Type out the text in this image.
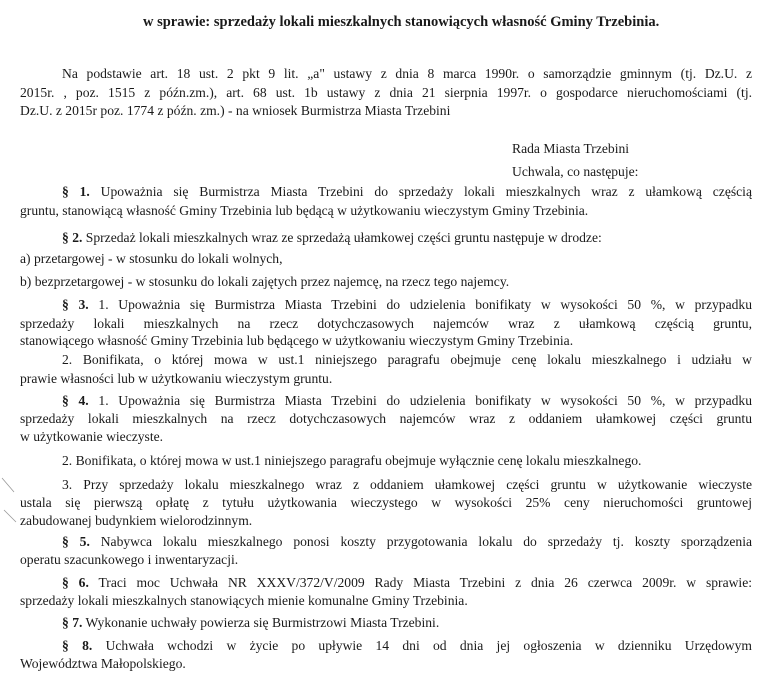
w sprawie: sprzedaży lokali mieszkalnych stanowiących własność Gminy Trzebinia.
Na podstawie art. 18 ust. 2 pkt 9 lit. „a" ustawy z dnia 8 marca 1990r. o samorządzie gminnym (tj. Dz.U. z
2015r. , poz. 1515 z późn.zm.), art. 68 ust. 1b ustawy z dnia 21 sierpnia 1997r. o gospodarce nieruchomościami (tj.
Dz.U. z 2015r poz. 1774 z późn. zm.) - na wniosek Burmistrza Miasta Trzebini
Rada Miasta Trzebini
Uchwala, co następuje:
§ 1. Upoważnia się Burmistrza Miasta Trzebini do sprzedaży lokali mieszkalnych wraz z ułamkową częścią
gruntu, stanowiącą własność Gminy Trzebinia lub będącą w użytkowaniu wieczystym Gminy Trzebinia.
§ 2. Sprzedaż lokali mieszkalnych wraz ze sprzedażą ułamkowej części gruntu następuje w drodze:
a) przetargowej - w stosunku do lokali wolnych,
b) bezprzetargowej - w stosunku do lokali zajętych przez najemcę, na rzecz tego najemcy.
§ 3. 1. Upoważnia się Burmistrza Miasta Trzebini do udzielenia bonifikaty w wysokości 50 %, w przypadku
sprzedaży lokali mieszkalnych na rzecz dotychczasowych najemców wraz z ułamkową częścią gruntu,
stanowiącego własność Gminy Trzebinia lub będącego w użytkowaniu wieczystym Gminy Trzebinia.
2. Bonifikata, o której mowa w ust.1 niniejszego paragrafu obejmuje cenę lokalu mieszkalnego i udziału w
prawie własności lub w użytkowaniu wieczystym gruntu.
§ 4. 1. Upoważnia się Burmistrza Miasta Trzebini do udzielenia bonifikaty w wysokości 50 %, w przypadku
sprzedaży lokali mieszkalnych na rzecz dotychczasowych najemców wraz z oddaniem ułamkowej części gruntu
w użytkowanie wieczyste.
2. Bonifikata, o której mowa w ust.1 niniejszego paragrafu obejmuje wyłącznie cenę lokalu mieszkalnego.
3. Przy sprzedaży lokalu mieszkalnego wraz z oddaniem ułamkowej części gruntu w użytkowanie wieczyste
ustala się pierwszą opłatę z tytułu użytkowania wieczystego w wysokości 25% ceny nieruchomości gruntowej
zabudowanej budynkiem wielorodzinnym.
§ 5. Nabywca lokalu mieszkalnego ponosi koszty przygotowania lokalu do sprzedaży tj. koszty sporządzenia
operatu szacunkowego i inwentaryzacji.
§ 6. Traci moc Uchwała NR XXXV/372/V/2009 Rady Miasta Trzebini z dnia 26 czerwca 2009r. w sprawie:
sprzedaży lokali mieszkalnych stanowiących mienie komunalne Gminy Trzebinia.
§ 7. Wykonanie uchwały powierza się Burmistrzowi Miasta Trzebini.
§ 8. Uchwała wchodzi w życie po upływie 14 dni od dnia jej ogłoszenia w dzienniku Urzędowym
Województwa Małopolskiego.
